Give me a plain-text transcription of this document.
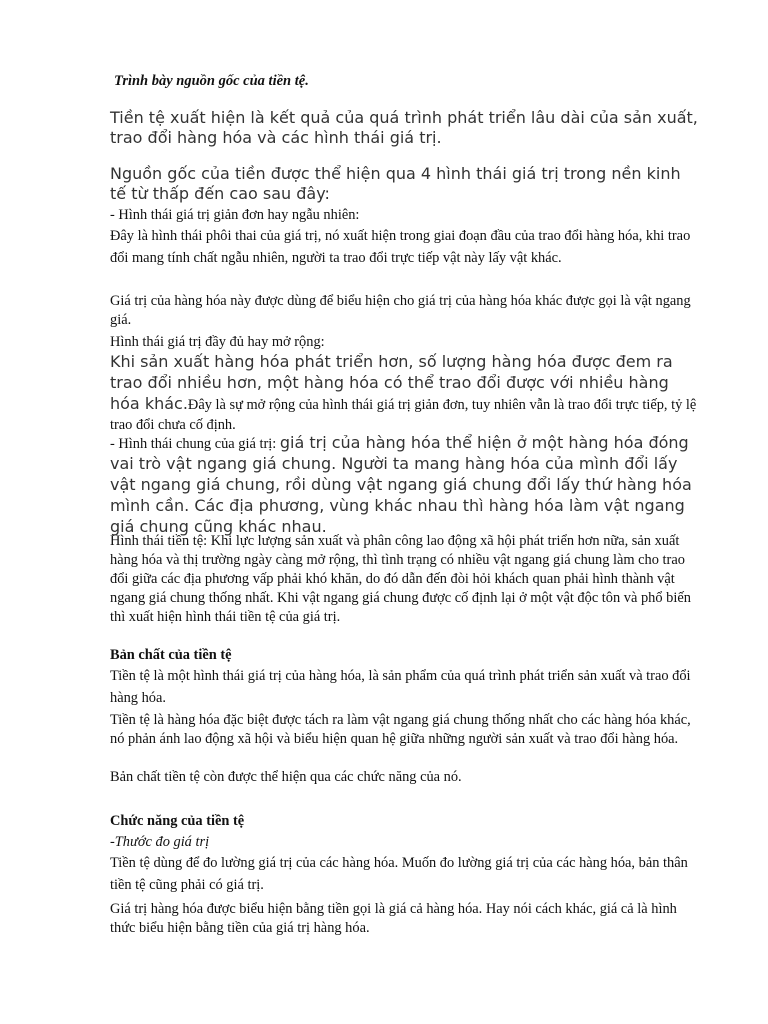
Trình bày nguồn gốc của tiền tệ.

Tiền tệ xuất hiện là kết quả của quá trình phát triển lâu dài của sản xuất, trao đổi hàng hóa và các hình thái giá trị.

Nguồn gốc của tiền được thể hiện qua 4 hình thái giá trị trong nền kinh tế từ thấp đến cao sau đây:

- Hình thái giá trị giản đơn hay ngẫu nhiên:

Đây là hình thái phôi thai của giá trị, nó xuất hiện trong giai đoạn đầu của trao đổi hàng hóa, khi trao đổi mang tính chất ngẫu nhiên, người ta trao đổi trực tiếp vật này lấy vật khác.

Giá trị của hàng hóa này được dùng để biểu hiện cho giá trị của hàng hóa khác được gọi là vật ngang giá.

Hình thái giá trị đầy đủ hay mở rộng:

Khi sản xuất hàng hóa phát triển hơn, số lượng hàng hóa được đem ra trao đổi nhiều hơn, một hàng hóa có thể trao đổi được với nhiều hàng hóa khác.Đây là sự mở rộng của hình thái giá trị giản đơn, tuy nhiên vẫn là trao đổi trực tiếp, tỷ lệ trao đổi chưa cố định.

- Hình thái chung của giá trị: giá trị của hàng hóa thể hiện ở một hàng hóa đóng vai trò vật ngang giá chung. Người ta mang hàng hóa của mình đổi lấy vật ngang giá chung, rồi dùng vật ngang giá chung đổi lấy thứ hàng hóa mình cần. Các địa phương, vùng khác nhau thì hàng hóa làm vật ngang giá chung cũng khác nhau.

Hình thái tiền tệ: Khi lực lượng sản xuất và phân công lao động xã hội phát triển hơn nữa, sản xuất hàng hóa và thị trường ngày càng mở rộng, thì tình trạng có nhiều vật ngang giá chung làm cho trao đổi giữa các địa phương vấp phải khó khăn, do đó dẫn đến đòi hỏi khách quan phải hình thành vật ngang giá chung thống nhất. Khi vật ngang giá chung được cố định lại ở một vật độc tôn và phổ biến thì xuất hiện hình thái tiền tệ của giá trị.

Bản chất của tiền tệ

Tiền tệ là một hình thái giá trị của hàng hóa, là sản phẩm của quá trình phát triển sản xuất và trao đổi hàng hóa.

Tiền tệ là hàng hóa đặc biệt được tách ra làm vật ngang giá chung thống nhất cho các hàng hóa khác, nó phản ánh lao động xã hội và biểu hiện quan hệ giữa những người sản xuất và trao đổi hàng hóa.

Bản chất tiền tệ còn được thể hiện qua các chức năng của nó.

Chức năng của tiền tệ

-Thước đo giá trị

Tiền tệ dùng để đo lường giá trị của các hàng hóa. Muốn đo lường giá trị của các hàng hóa, bản thân tiền tệ cũng phải có giá trị.

Giá trị hàng hóa được biểu hiện bằng tiền gọi là giá cả hàng hóa. Hay nói cách khác, giá cả là hình thức biểu hiện bằng tiền của giá trị hàng hóa.
